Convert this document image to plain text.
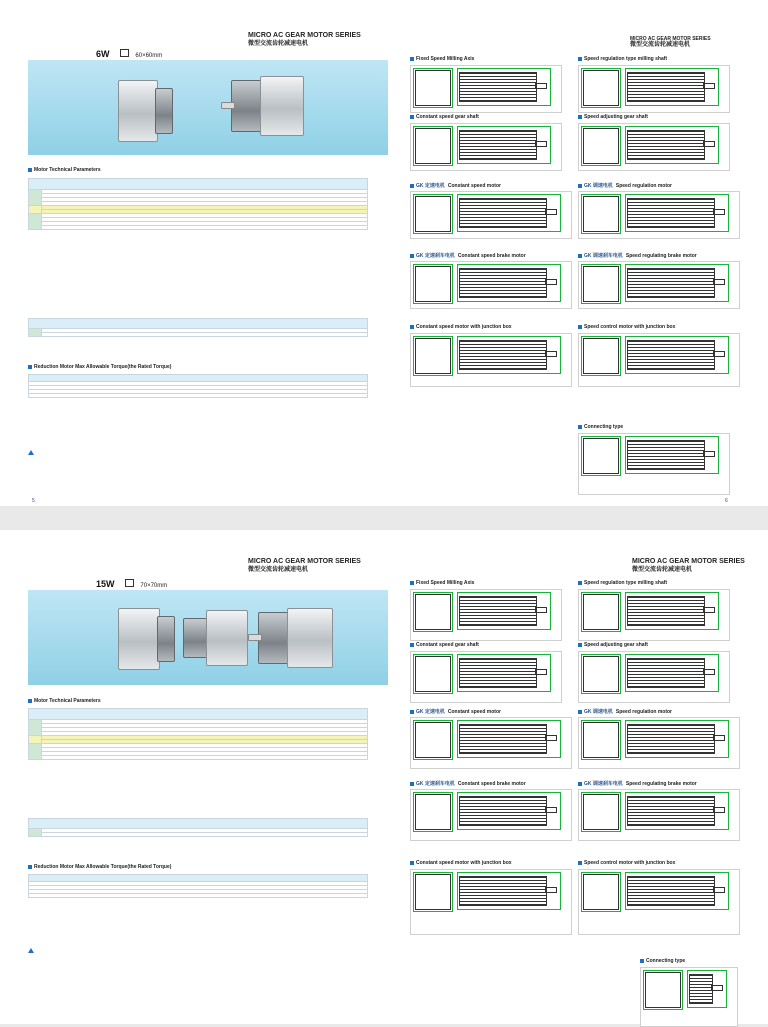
6W	60×60mm
MICRO AC GEAR MOTOR SERIES
微型交流齿轮减速电机
MICRO AC GEAR MOTOR SERIES
微型交流齿轮减速电机
Motor Technical Parameters

Reduction Motor Max Allowable Torque(the Rated Torque)

5	6
Fixed Speed Milling Axis	Speed regulation type milling shaft
Constant speed gear shaft	Speed adjusting gear shaft
GK 定速电机 Constant speed motor	GK 调速电机 Speed regulation motor
GK 定速刹车电机 Constant speed brake motor	GK 调速刹车电机 Speed regulating brake motor
Constant speed motor with junction box	Speed control motor with junction box
Connecting type
15W	70×70mm
MICRO AC GEAR MOTOR SERIES
微型交流齿轮减速电机
MICRO AC GEAR MOTOR SERIES
微型交流齿轮减速电机
Motor Technical Parameters

Reduction Motor Max Allowable Torque(the Rated Torque)

Fixed Speed Milling Axis	Speed regulation type milling shaft
Constant speed gear shaft	Speed adjusting gear shaft
GK 定速电机 Constant speed motor	GK 调速电机 Speed regulation motor
GK 定速刹车电机 Constant speed brake motor	GK 调速刹车电机 Speed regulating brake motor
Constant speed motor with junction box	Speed control motor with junction box
Connecting type
